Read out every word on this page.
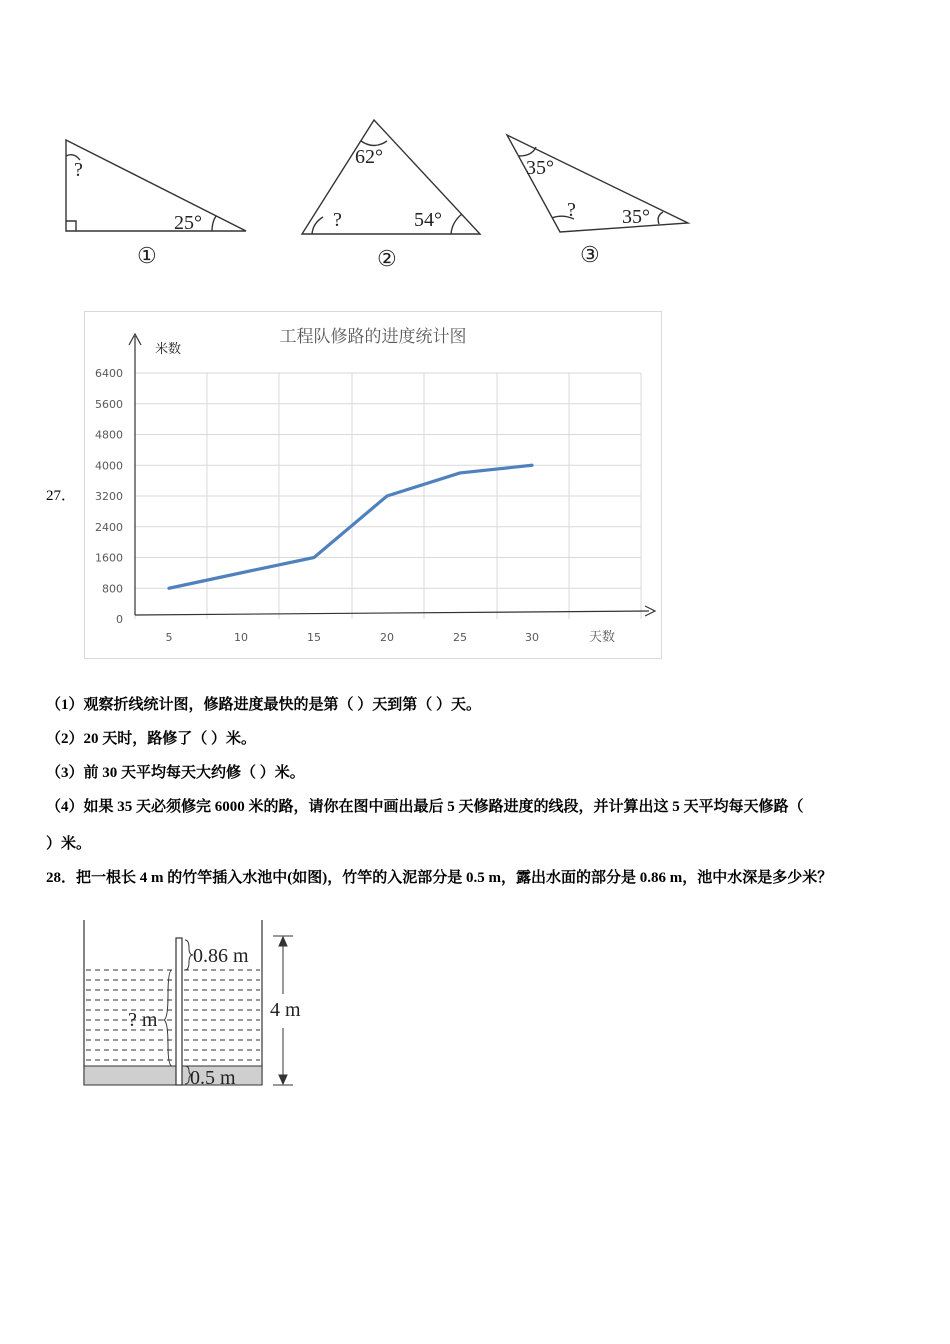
?
25°
①
62°
?	54°
②
35°
? 35°
③
27．
0
800
1600
2400
3200
4000
4800
5600
6400
5	10	15	20	25	30
工程队修路的进度统计图
米数
天数
（1）观察折线统计图，修路进度最快的是第（ ）天到第（ ）天。
（2）20 天时，路修了（ ）米。
（3）前 30 天平均每天大约修（ ）米。
（4）如果 35 天必须修完 6000 米的路，请你在图中画出最后 5 天修路进度的线段，并计算出这 5 天平均每天修路（
）米。
28．把一根长 4 m 的竹竿插入水池中(如图)，竹竿的入泥部分是 0.5 m，露出水面的部分是 0.86 m，池中水深是多少米？
0.86 m
? m	4 m
0.5 m
